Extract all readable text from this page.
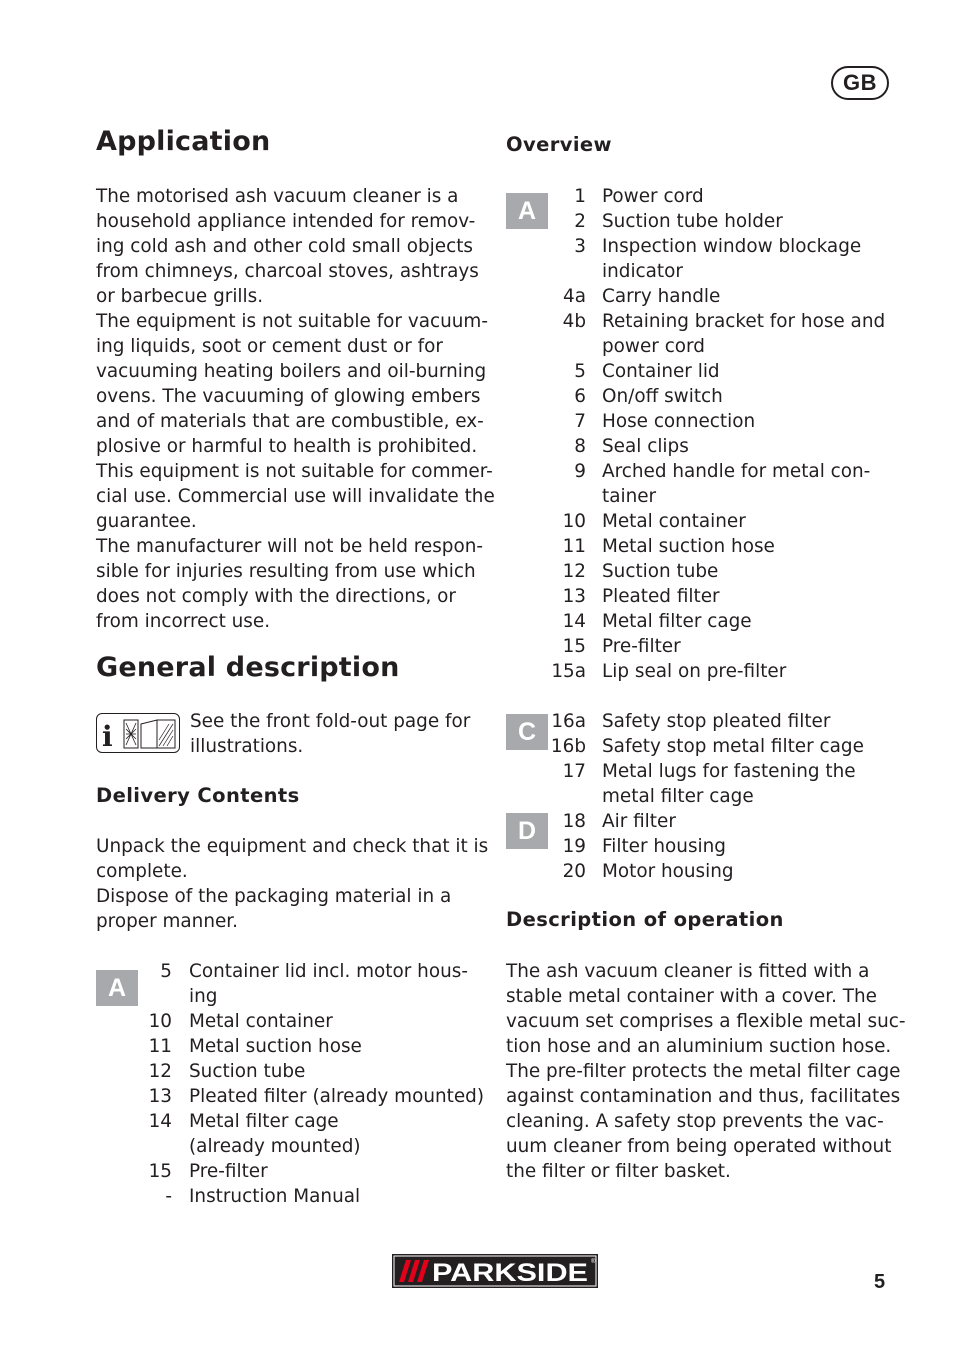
GB
Application
The motorised ash vacuum cleaner is a
household appliance intended for remov-
ing cold ash and other cold small objects
from chimneys, charcoal stoves, ashtrays
or barbecue grills.
The equipment is not suitable for vacuum-
ing liquids, soot or cement dust or for
vacuuming heating boilers and oil-burning
ovens. The vacuuming of glowing embers
and of materials that are combustible, ex-
plosive or harmful to health is prohibited.
This equipment is not suitable for commer-
cial use. Commercial use will invalidate the
guarantee.
The manufacturer will not be held respon-
sible for injuries resulting from use which
does not comply with the directions, or
from incorrect use.
General description
i	See the front fold-out page for
illustrations.
Delivery Contents
Unpack the equipment and check that it is
complete.
Dispose of the packaging material in a
proper manner.
A
5 Container lid incl. motor hous-
ing
10 Metal container
11 Metal suction hose
12 Suction tube
13 Pleated filter (already mounted)
14 Metal filter cage
(already mounted)
15 Pre-filter
- Instruction Manual
Overview
A
C
D
1 Power cord
2 Suction tube holder
3 Inspection window blockage
indicator
4a Carry handle
4b Retaining bracket for hose and
power cord
5 Container lid
6 On/off switch
7 Hose connection
8 Seal clips
9 Arched handle for metal con-
tainer
10 Metal container
11 Metal suction hose
12 Suction tube
13 Pleated filter
14 Metal filter cage
15 Pre-filter
15a Lip seal on pre-filter
16a Safety stop pleated filter
16b Safety stop metal filter cage
17 Metal lugs for fastening the
metal filter cage
18 Air filter
19 Filter housing
20 Motor housing
Description of operation
The ash vacuum cleaner is fitted with a
stable metal container with a cover. The
vacuum set comprises a flexible metal suc-
tion hose and an aluminium suction hose.
The pre-filter protects the metal filter cage
against contamination and thus, facilitates
cleaning. A safety stop prevents the vac-
uum cleaner from being operated without
the filter or filter basket.
PARKSIDE ®
5
